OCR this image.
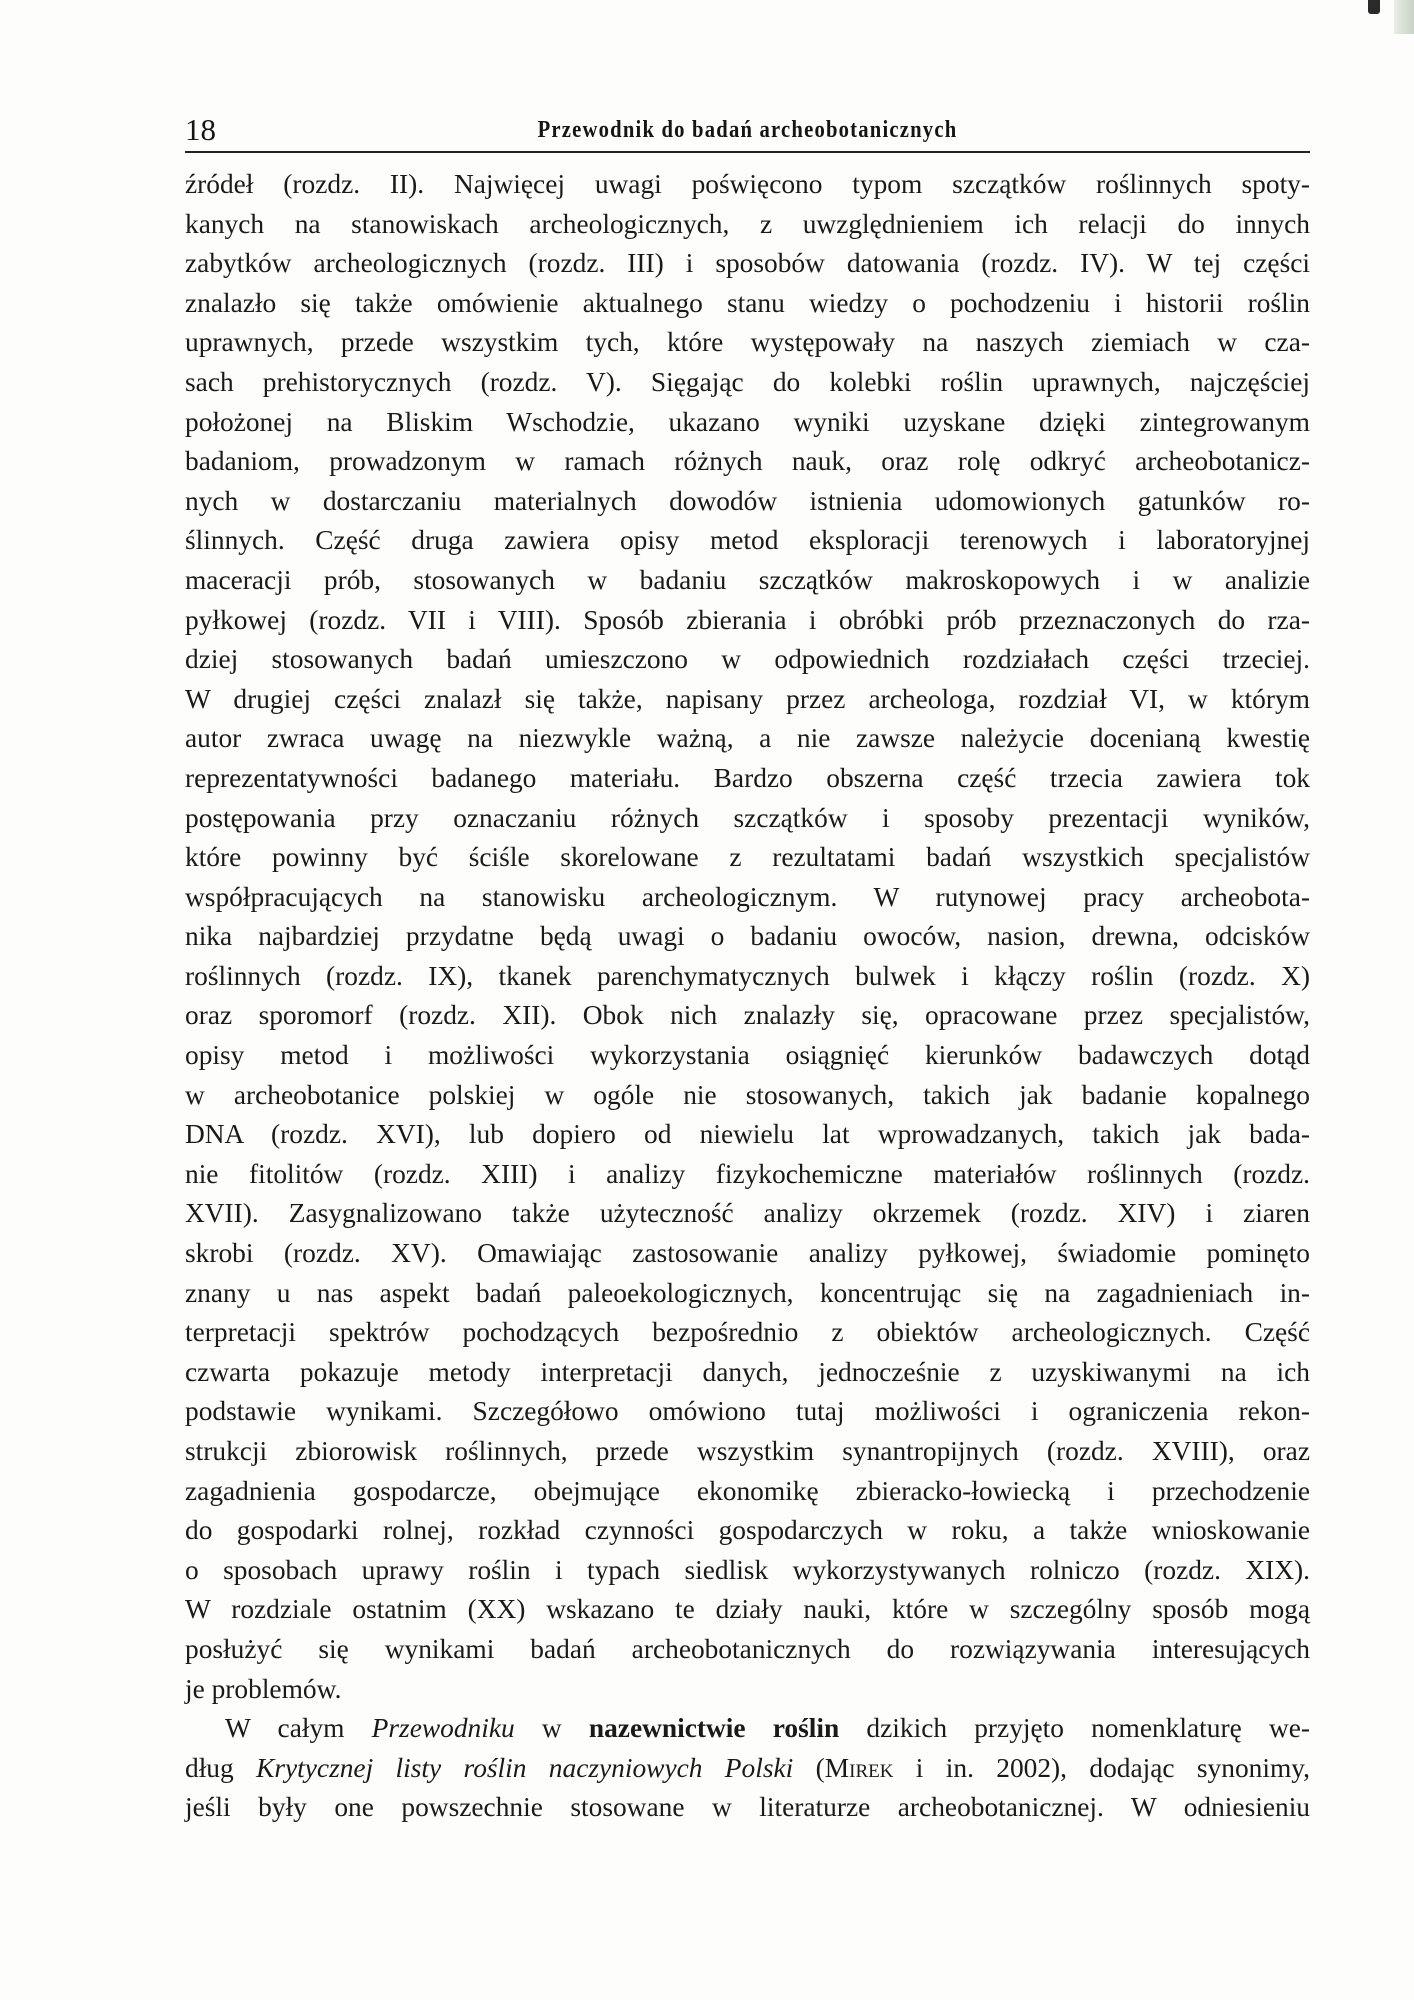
18	Przewodnik do badań archeobotanicznych
źródeł (rozdz. II). Najwięcej uwagi poświęcono typom szczątków roślinnych spoty-
kanych na stanowiskach archeologicznych, z uwzględnieniem ich relacji do innych
zabytków archeologicznych (rozdz. III) i sposobów datowania (rozdz. IV). W tej części
znalazło się także omówienie aktualnego stanu wiedzy o pochodzeniu i historii roślin
uprawnych, przede wszystkim tych, które występowały na naszych ziemiach w cza-
sach prehistorycznych (rozdz. V). Sięgając do kolebki roślin uprawnych, najczęściej
położonej na Bliskim Wschodzie, ukazano wyniki uzyskane dzięki zintegrowanym
badaniom, prowadzonym w ramach różnych nauk, oraz rolę odkryć archeobotanicz-
nych w dostarczaniu materialnych dowodów istnienia udomowionych gatunków ro-
ślinnych. Część druga zawiera opisy metod eksploracji terenowych i laboratoryjnej
maceracji prób, stosowanych w badaniu szczątków makroskopowych i w analizie
pyłkowej (rozdz. VII i VIII). Sposób zbierania i obróbki prób przeznaczonych do rza-
dziej stosowanych badań umieszczono w odpowiednich rozdziałach części trzeciej.
W drugiej części znalazł się także, napisany przez archeologa, rozdział VI, w którym
autor zwraca uwagę na niezwykle ważną, a nie zawsze należycie docenianą kwestię
reprezentatywności badanego materiału. Bardzo obszerna część trzecia zawiera tok
postępowania przy oznaczaniu różnych szczątków i sposoby prezentacji wyników,
które powinny być ściśle skorelowane z rezultatami badań wszystkich specjalistów
współpracujących na stanowisku archeologicznym. W rutynowej pracy archeobota-
nika najbardziej przydatne będą uwagi o badaniu owoców, nasion, drewna, odcisków
roślinnych (rozdz. IX), tkanek parenchymatycznych bulwek i kłączy roślin (rozdz. X)
oraz sporomorf (rozdz. XII). Obok nich znalazły się, opracowane przez specjalistów,
opisy metod i możliwości wykorzystania osiągnięć kierunków badawczych dotąd
w archeobotanice polskiej w ogóle nie stosowanych, takich jak badanie kopalnego
DNA (rozdz. XVI), lub dopiero od niewielu lat wprowadzanych, takich jak bada-
nie fitolitów (rozdz. XIII) i analizy fizykochemiczne materiałów roślinnych (rozdz.
XVII). Zasygnalizowano także użyteczność analizy okrzemek (rozdz. XIV) i ziaren
skrobi (rozdz. XV). Omawiając zastosowanie analizy pyłkowej, świadomie pominęto
znany u nas aspekt badań paleoekologicznych, koncentrując się na zagadnieniach in-
terpretacji spektrów pochodzących bezpośrednio z obiektów archeologicznych. Część
czwarta pokazuje metody interpretacji danych, jednocześnie z uzyskiwanymi na ich
podstawie wynikami. Szczegółowo omówiono tutaj możliwości i ograniczenia rekon-
strukcji zbiorowisk roślinnych, przede wszystkim synantropijnych (rozdz. XVIII), oraz
zagadnienia gospodarcze, obejmujące ekonomikę zbieracko-łowiecką i przechodzenie
do gospodarki rolnej, rozkład czynności gospodarczych w roku, a także wnioskowanie
o sposobach uprawy roślin i typach siedlisk wykorzystywanych rolniczo (rozdz. XIX).
W rozdziale ostatnim (XX) wskazano te działy nauki, które w szczególny sposób mogą
posłużyć się wynikami badań archeobotanicznych do rozwiązywania interesujących
je problemów.
W całym Przewodniku w nazewnictwie roślin dzikich przyjęto nomenklaturę we-
dług Krytycznej listy roślin naczyniowych Polski (Mirek i in. 2002), dodając synonimy,
jeśli były one powszechnie stosowane w literaturze archeobotanicznej. W odniesieniu
